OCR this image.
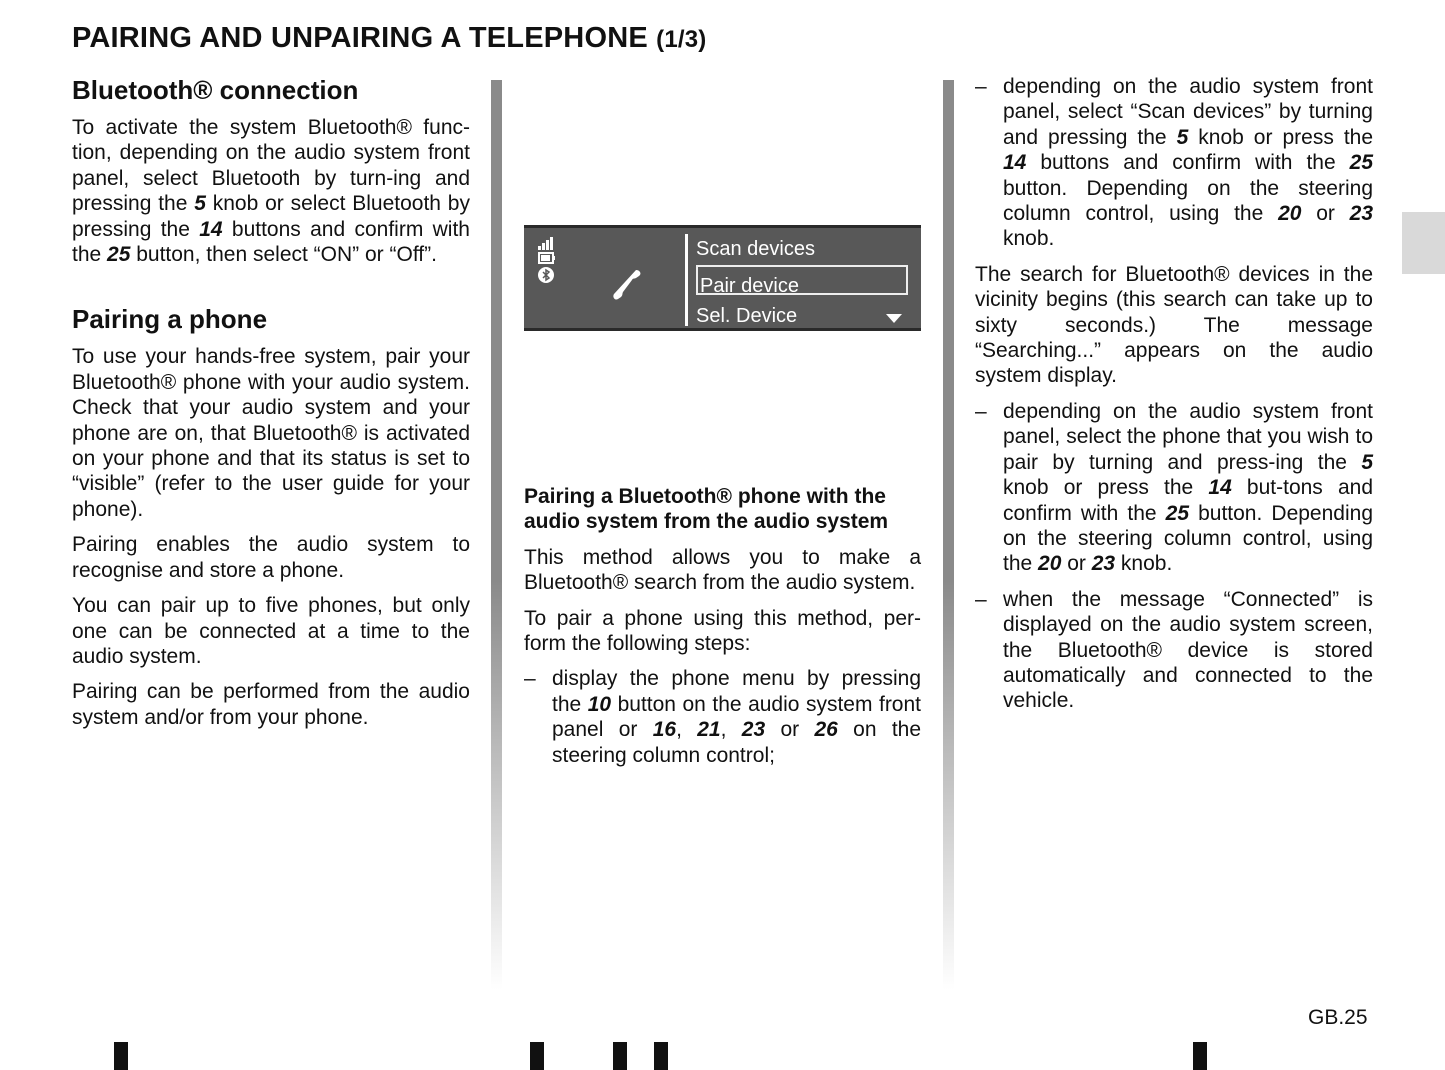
PAIRING AND UNPAIRING A TELEPHONE (1/3)
Bluetooth® connection

To activate the system Bluetooth® func-tion, depending on the audio system front panel, select Bluetooth by turn-ing and pressing the 5 knob or select Bluetooth by pressing the 14 buttons and confirm with the 25 button, then select “ON” or “Off”.

Pairing a phone

To use your hands-free system, pair your Bluetooth® phone with your audio system. Check that your audio system and your phone are on, that Bluetooth® is activated on your phone and that its status is set to “visible” (refer to the user guide for your phone).

Pairing enables the audio system to recognise and store a phone.

You can pair up to five phones, but only one can be connected at a time to the audio system.

Pairing can be performed from the audio system and/or from your phone.

Scan devices
Pair device
Sel. Device

Pairing a Bluetooth® phone with the audio system from the audio system

This method allows you to make a Bluetooth® search from the audio system.

To pair a phone using this method, per-form the following steps:

– display the phone menu by pressing the 10 button on the audio system front panel or 16, 21, 23 or 26 on the steering column control;
– depending on the audio system front panel, select “Scan devices” by turning and pressing the 5 knob or press the 14 buttons and confirm with the 25 button. Depending on the steering column control, using the 20 or 23 knob.

The search for Bluetooth® devices in the vicinity begins (this search can take up to sixty seconds.) The message “Searching...” appears on the audio system display.

– depending on the audio system front panel, select the phone that you wish to pair by turning and press-ing the 5 knob or press the 14 but-tons and confirm with the 25 button. Depending on the steering column control, using the 20 or 23 knob.
– when the message “Connected” is displayed on the audio system screen, the Bluetooth® device is stored automatically and connected to the vehicle.
GB.25
